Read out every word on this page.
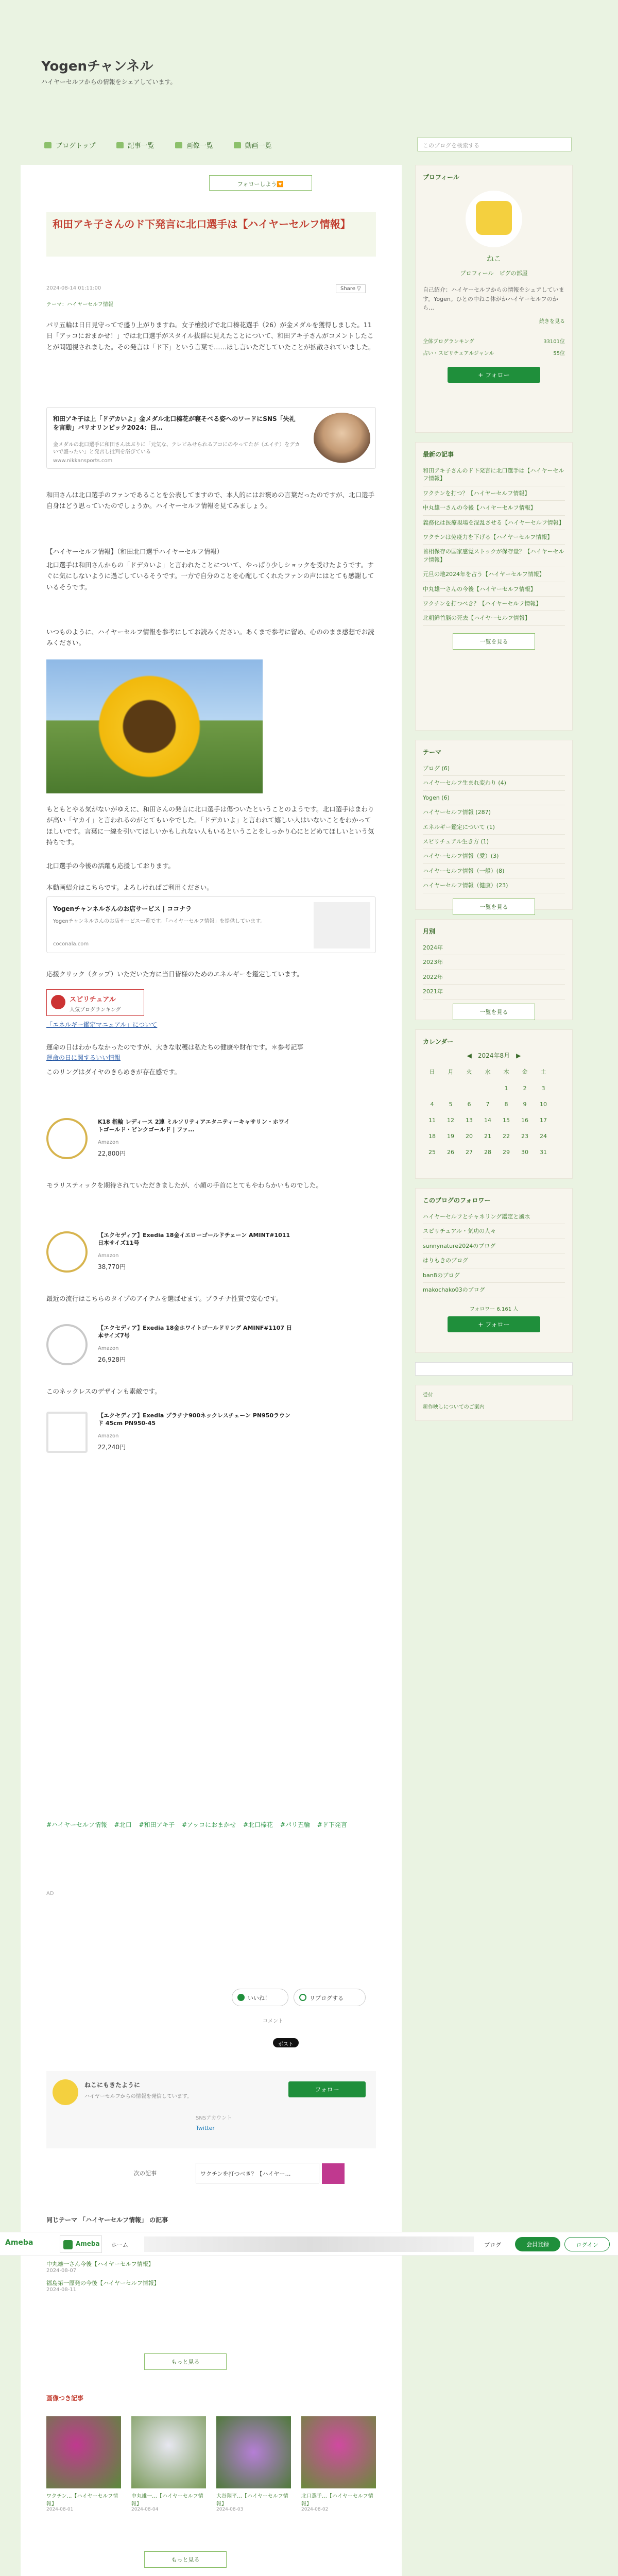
Yogenチャンネル
ハイヤーセルフからの情報をシェアしています。
ブログトップ	記事一覧	画像一覧	動画一覧	このブログを検索する
フォローしよう🔽
和田アキ子さんのド下発言に北口選手は【ハイヤーセルフ情報】
2024-08-14 01:11:00
テーマ：ハイヤーセルフ情報
Share ▽

パリ五輪は日日見守ってで盛り上がりますね。女子槍投げで北口榛花選手（26）が金メダルを獲得しました。11日「アッコにおまかせ！」では北口選手がスタイル抜群に見えたことについて、和田アキ子さんがコメントしたことが問題視されました。その発言は「ド下」という言葉で……ほし言いただしていたことが拡散されていました。

和田アキ子は上「ドデカいよ」金メダル北口榛花が寝そべる姿へのワードにSNS「失礼を言動」パリオリンピック2024：日…
金メダルの北口選手に和田さんはぶりに「元気な、テレビみせられるアコにのやってたが（エイチ）をデカいで盛ったい」と発言し批判を浴びている
www.nikkansports.com

和田さんは北口選手のファンであることを公表してますので、本人的にはお褒めの言葉だったのですが、北口選手自身はどう思っていたのでしょうか。ハイヤーセルフ情報を見てみましょう。

【ハイヤーセルフ情報】（和田北口選手ハイヤーセルフ情報）

北口選手は和田さんからの「ドデカいよ」と言われたことについて、やっぱり少しショックを受けたようです。すぐに気にしないように過ごしているそうです。一方で自分のことを心配してくれたファンの声にはとても感謝しているそうです。

いつものように、ハイヤーセルフ情報を参考にしてお読みください。あくまで参考に留め、心ののまま感想でお読みください。

もともとやる気がないがゆえに、和田さんの発言に北口選手は傷ついたということのようです。北口選手はまわりが高い「ヤカイ」と言われるのがとてもいやでした。「ドデカいよ」と言われて嬉しい人はいないことをわかってほしいです。言葉に一線を引いてほしいかもしれない人もいるということをしっかり心にとどめてほしいという気持ちです。

北口選手の今後の活躍も応援しております。

本動画紹介はこちらです。よろしければご利用ください。

Yogenチャンネルさんのお店サービス | ココナラ
Yogenチャンネルさんのお店サービス一覧です。「ハイヤーセルフ情報」を提供しています。
coconala.com

応援クリック（タップ）いただいた方に当日皆様のためのエネルギーを鑑定しています。

スピリチュアル
人気ブログランキング
「エネルギー鑑定マニュアル」について

運命の日はわからなかったのですが、大きな収穫は私たちの健康や財布です。＊参考記事

運命の日に関するいい情報

このリングはダイヤのきらめきが存在感です。

K18 指輪 レディース 2連 ミルソリティアエタニティーキャサリン・ホワイトゴールド・ピンクゴールド | ファ...
Amazon
22,800円

モラリスティックを期待されていただきましたが、小顔の手首にとてもやわらかいものでした。

【エクセディア】Exedia 18金イエローゴールドチェーン AMINT#1011 日本サイズ11号
Amazon
38,770円

最近の流行はこちらのタイプのアイテムを選ばせます。ブラチナ性質で安心です。

【エクセディア】Exedia 18金ホワイトゴールドリング AMINF#1107 日本サイズ7号
Amazon
26,928円

このネックレスのデザインも素敵です。

【エクセディア】Exedia プラチナ900ネックレスチェーン PN950ラウンド 45cm PN950-45
Amazon
22,240円
#ハイヤーセルフ情報 #北口 #和田アキ子 #アッコにおまかせ #北口榛花 #パリ五輪 #ド下発言
AD
いいね！	リブログする
コメント
ポスト
ねこにもきたように
ハイヤーセルフからの情報を発信しています。
フォロー
SNSアカウント
Twitter
次の記事	ワクチンを打つべき？【ハイヤー…
同じテーマ 「ハイヤーセルフ情報」 の記事
中丸雄一さん今後【ハイヤーセルフ情報】
2024-08-07
福島第一原発の今後【ハイヤーセルフ情報】
2024-08-11
もっと見る
画像つき記事
ワクチン…【ハイヤーセルフ情報】
2024-08-01
中丸雄一…【ハイヤーセルフ情報】
2024-08-04
大谷翔平…【ハイヤーセルフ情報】
2024-08-03
北口選手…【ハイヤーセルフ情報】
2024-08-02
もっと見る
プロフィール
ねこ
プロフィール　ピグの部屋
自己紹介：ハイヤーセルフからの情報をシェアしています。Yogen。ひとの中ねこ体がかハイヤーセルフのから…
続きを見る
全体ブログランキング	33101位
占い・スピリチュアルジャンル	55位
+ フォロー
最新の記事
和田アキ子さんのド下発言に北口選手は【ハイヤーセルフ情報】
ワクチンを打つ？【ハイヤーセルフ情報】
中丸雄一さんの今後【ハイヤーセルフ情報】
義務化は医療現場を混乱させる【ハイヤーセルフ情報】
ワクチンは免疫力を下げる【ハイヤーセルフ情報】
首相保存の国家感覚ストックが保存量？【ハイヤーセルフ情報】
元旦の地2024年を占う【ハイヤーセルフ情報】
中丸雄一さんの今後【ハイヤーセルフ情報】
ワクチンを打つべき？【ハイヤーセルフ情報】
北朝鮮首脳の死去【ハイヤーセルフ情報】
一覧を見る
テーマ
ブログ (6)
ハイヤーセルフ生まれ変わり (4)
Yogen (6)
ハイヤーセルフ情報 (287)
エネルギー鑑定について (1)
スピリチュアル生き方 (1)
ハイヤーセルフ情報（愛）(3)
ハイヤーセルフ情報（一般）(8)
ハイヤーセルフ情報（健康）(23)
一覧を見る
月別
2024年
2023年
2022年
2021年
一覧を見る
カレンダー
◀　2024年8月　▶
日	月	火	水	木	金	土
				1	2	3
4	5	6	7	8	9	10
11	12	13	14	15	16	17
18	19	20	21	22	23	24
25	26	27	28	29	30	31
このブログのフォロワー
ハイヤーセルフとチャネリング鑑定と風水
スピリチュアル・気功の人々
sunnynature2024のブログ
はりもきのブログ
ban8のブログ
makochako03のブログ
フォロワー 6,161 人
+ フォロー
受付
新作映しについてのご案内
Ameba	Ameba	ホーム	ブログ	会員登録	ログイン
